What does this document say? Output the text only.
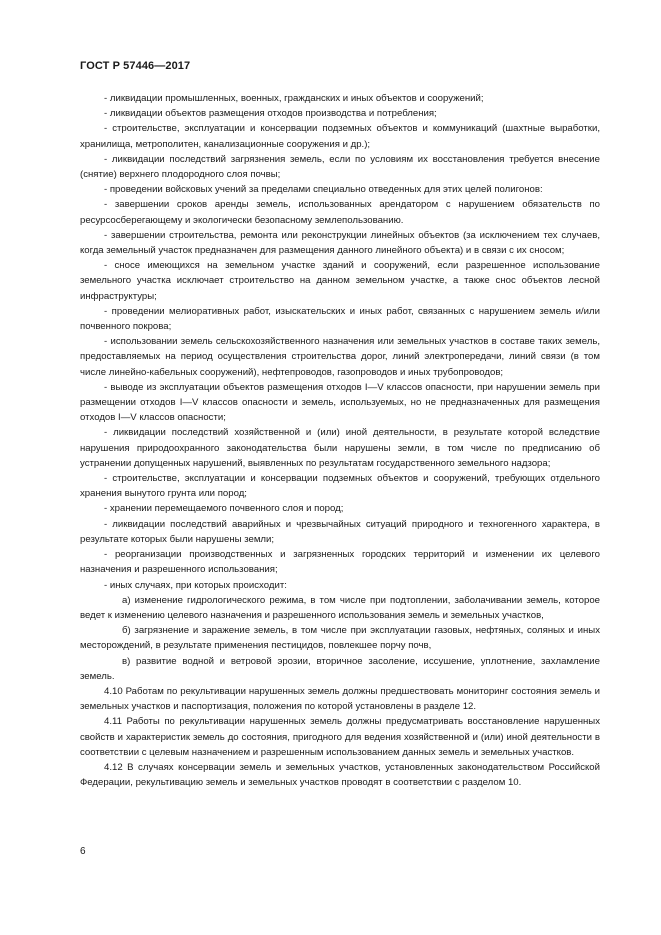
ГОСТ Р 57446—2017

- ликвидации промышленных, военных, гражданских и иных объектов и сооружений;

- ликвидации объектов размещения отходов производства и потребления;

- строительстве, эксплуатации и консервации подземных объектов и коммуникаций (шахтные выработки, хранилища, метрополитен, канализационные сооружения и др.);

- ликвидации последствий загрязнения земель, если по условиям их восстановления требуется внесение (снятие) верхнего плодородного слоя почвы;

- проведении войсковых учений за пределами специально отведенных для этих целей полигонов:

- завершении сроков аренды земель, использованных арендатором с нарушением обязательств по ресурсосберегающему и экологически безопасному землепользованию.

- завершении строительства, ремонта или реконструкции линейных объектов (за исключением тех случаев, когда земельный участок предназначен для размещения данного линейного объекта) и в связи с их сносом;

- сносе имеющихся на земельном участке зданий и сооружений, если разрешенное использование земельного участка исключает строительство на данном земельном участке, а также снос объектов лесной инфраструктуры;

- проведении мелиоративных работ, изыскательских и иных работ, связанных с нарушением земель и/или почвенного покрова;

- использовании земель сельскохозяйственного назначения или земельных участков в составе таких земель, предоставляемых на период осуществления строительства дорог, линий электропередачи, линий связи (в том числе линейно-кабельных сооружений), нефтепроводов, газопроводов и иных трубопроводов;

- выводе из эксплуатации объектов размещения отходов I—V классов опасности, при нарушении земель при размещении отходов I—V классов опасности и земель, используемых, но не предназначенных для размещения отходов I—V классов опасности;

- ликвидации последствий хозяйственной и (или) иной деятельности, в результате которой вследствие нарушения природоохранного законодательства были нарушены земли, в том числе по предписанию об устранении допущенных нарушений, выявленных по результатам государственного земельного надзора;

- строительстве, эксплуатации и консервации подземных объектов и сооружений, требующих отдельного хранения вынутого грунта или пород;

- хранении перемещаемого почвенного слоя и пород;

- ликвидации последствий аварийных и чрезвычайных ситуаций природного и техногенного характера, в результате которых были нарушены земли;

- реорганизации производственных и загрязненных городских территорий и изменении их целевого назначения и разрешенного использования;

- иных случаях, при которых происходит:

а) изменение гидрологического режима, в том числе при подтоплении, заболачивании земель, которое ведет к изменению целевого назначения и разрешенного использования земель и земельных участков,

б) загрязнение и заражение земель, в том числе при эксплуатации газовых, нефтяных, соляных и иных месторождений, в результате применения пестицидов, повлекшее порчу почв,

в) развитие водной и ветровой эрозии, вторичное засоление, иссушение, уплотнение, захламление земель.

4.10 Работам по рекультивации нарушенных земель должны предшествовать мониторинг состояния земель и земельных участков и паспортизация, положения по которой установлены в разделе 12.

4.11 Работы по рекультивации нарушенных земель должны предусматривать восстановление нарушенных свойств и характеристик земель до состояния, пригодного для ведения хозяйственной и (или) иной деятельности в соответствии с целевым назначением и разрешенным использованием данных земель и земельных участков.

4.12 В случаях консервации земель и земельных участков, установленных законодательством Российской Федерации, рекультивацию земель и земельных участков проводят в соответствии с разделом 10.

6
